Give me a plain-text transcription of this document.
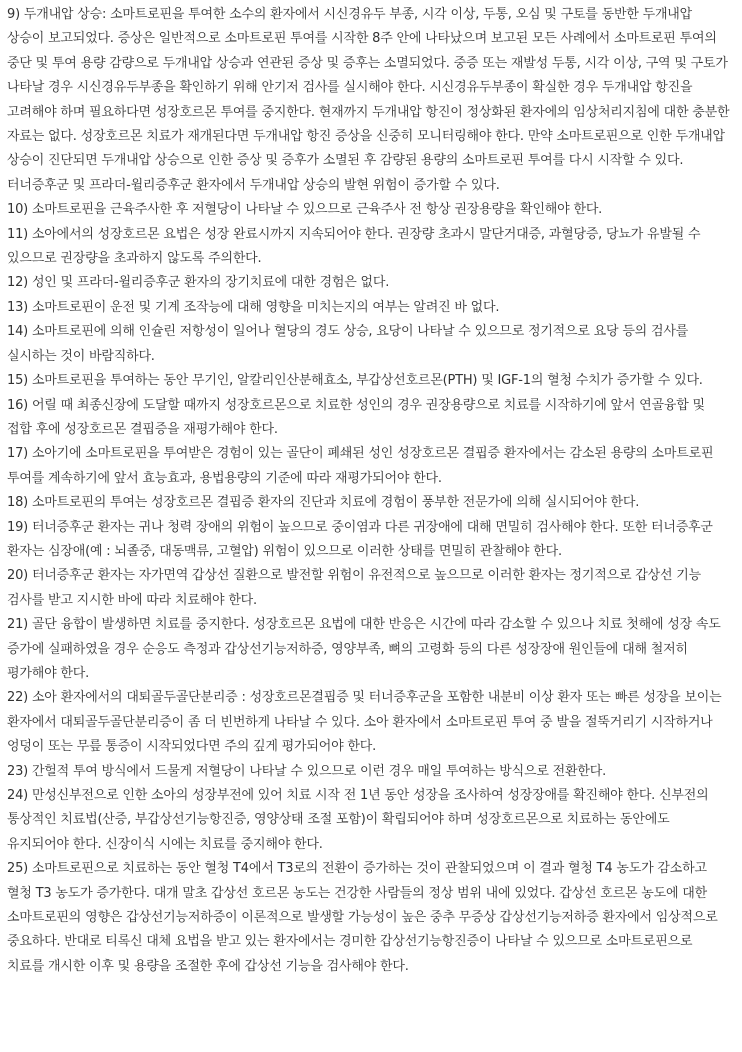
9) 두개내압 상승: 소마트로핀을 투여한 소수의 환자에서 시신경유두 부종, 시각 이상, 두통, 오심 및 구토를 동반한 두개내압 상승이 보고되었다. 증상은 일반적으로 소마트로핀 투여를 시작한 8주 안에 나타났으며 보고된 모든 사례에서 소마트로핀 투여의 중단 및 투여 용량 감량으로 두개내압 상승과 연관된 증상 및 증후는 소멸되었다. 중증 또는 재발성 두통, 시각 이상, 구역 및 구토가 나타날 경우 시신경유두부종을 확인하기 위해 안기저 검사를 실시해야 한다. 시신경유두부종이 확실한 경우 두개내압 항진을 고려해야 하며 필요하다면 성장호르몬 투여를 중지한다. 현재까지 두개내압 항진이 정상화된 환자에의 임상처리지침에 대한 충분한 자료는 없다. 성장호르몬 치료가 재개된다면 두개내압 항진 증상을 신중히 모니터링해야 한다. 만약 소마트로핀으로 인한 두개내압 상승이 진단되면 두개내압 상승으로 인한 증상 및 증후가 소멸된 후 감량된 용량의 소마트로핀 투여를 다시 시작할 수 있다. 터너증후군 및 프라더-윌리증후군 환자에서 두개내압 상승의 발현 위험이 증가할 수 있다.

10) 소마트로핀을 근육주사한 후 저혈당이 나타날 수 있으므로 근육주사 전 항상 권장용량을 확인해야 한다.

11) 소아에서의 성장호르몬 요법은 성장 완료시까지 지속되어야 한다. 권장량 초과시 말단거대증, 과혈당증, 당뇨가 유발될 수 있으므로 권장량을 초과하지 않도록 주의한다.

12) 성인 및 프라더-윌리증후군 환자의 장기치료에 대한 경험은 없다.

13) 소마트로핀이 운전 및 기계 조작능에 대해 영향을 미치는지의 여부는 알려진 바 없다.

14) 소마트로핀에 의해 인슐린 저항성이 일어나 혈당의 경도 상승, 요당이 나타날 수 있으므로 정기적으로 요당 등의 검사를 실시하는 것이 바람직하다.

15) 소마트로핀을 투여하는 동안 무기인, 알칼리인산분해효소, 부갑상선호르몬(PTH) 및 IGF-1의 혈청 수치가 증가할 수 있다.

16) 어릴 때 최종신장에 도달할 때까지 성장호르몬으로 치료한 성인의 경우 권장용량으로 치료를 시작하기에 앞서 연골융합 및 접합 후에 성장호르몬 결핍증을 재평가해야 한다.

17) 소아기에 소마트로핀을 투여받은 경험이 있는 골단이 폐쇄된 성인 성장호르몬 결핍증 환자에서는 감소된 용량의 소마트로핀 투여를 계속하기에 앞서 효능효과, 용법용량의 기준에 따라 재평가되어야 한다.

18) 소마트로핀의 투여는 성장호르몬 결핍증 환자의 진단과 치료에 경험이 풍부한 전문가에 의해 실시되어야 한다.

19) 터너증후군 환자는 귀나 청력 장애의 위험이 높으므로 중이염과 다른 귀장애에 대해 면밀히 검사해야 한다. 또한 터너증후군 환자는 심장애(예 : 뇌졸중, 대동맥류, 고혈압) 위험이 있으므로 이러한 상태를 면밀히 관찰해야 한다.

20) 터너증후군 환자는 자가면역 갑상선 질환으로 발전할 위험이 유전적으로 높으므로 이러한 환자는 정기적으로 갑상선 기능 검사를 받고 지시한 바에 따라 치료해야 한다.

21) 골단 융합이 발생하면 치료를 중지한다. 성장호르몬 요법에 대한 반응은 시간에 따라 감소할 수 있으나 치료 첫해에 성장 속도 증가에 실패하였을 경우 순응도 측정과 갑상선기능저하증, 영양부족, 뼈의 고령화 등의 다른 성장장애 원인들에 대해 철저히 평가해야 한다.

22) 소아 환자에서의 대퇴골두골단분리증 : 성장호르몬결핍증 및 터너증후군을 포함한 내분비 이상 환자 또는 빠른 성장을 보이는 환자에서 대퇴골두골단분리증이 좀 더 빈번하게 나타날 수 있다. 소아 환자에서 소마트로핀 투여 중 발을 절뚝거리기 시작하거나 엉덩이 또는 무릎 통증이 시작되었다면 주의 깊게 평가되어야 한다.

23) 간헐적 투여 방식에서 드물게 저혈당이 나타날 수 있으므로 이런 경우 매일 투여하는 방식으로 전환한다.

24) 만성신부전으로 인한 소아의 성장부전에 있어 치료 시작 전 1년 동안 성장을 조사하여 성장장애를 확진해야 한다. 신부전의 통상적인 치료법(산증, 부갑상선기능항진증, 영양상태 조절 포함)이 확립되어야 하며 성장호르몬으로 치료하는 동안에도 유지되어야 한다. 신장이식 시에는 치료를 중지해야 한다.

25) 소마트로핀으로 치료하는 동안 혈청 T4에서 T3로의 전환이 증가하는 것이 관찰되었으며 이 결과 혈청 T4 농도가 감소하고 혈청 T3 농도가 증가한다. 대개 말초 갑상선 호르몬 농도는 건강한 사람들의 정상 범위 내에 있었다. 갑상선 호르몬 농도에 대한 소마트로핀의 영향은 갑상선기능저하증이 이론적으로 발생할 가능성이 높은 중추 무증상 갑상선기능저하증 환자에서 임상적으로 중요하다. 반대로 티록신 대체 요법을 받고 있는 환자에서는 경미한 갑상선기능항진증이 나타날 수 있으므로 소마트로핀으로 치료를 개시한 이후 및 용량을 조절한 후에 갑상선 기능을 검사해야 한다.
